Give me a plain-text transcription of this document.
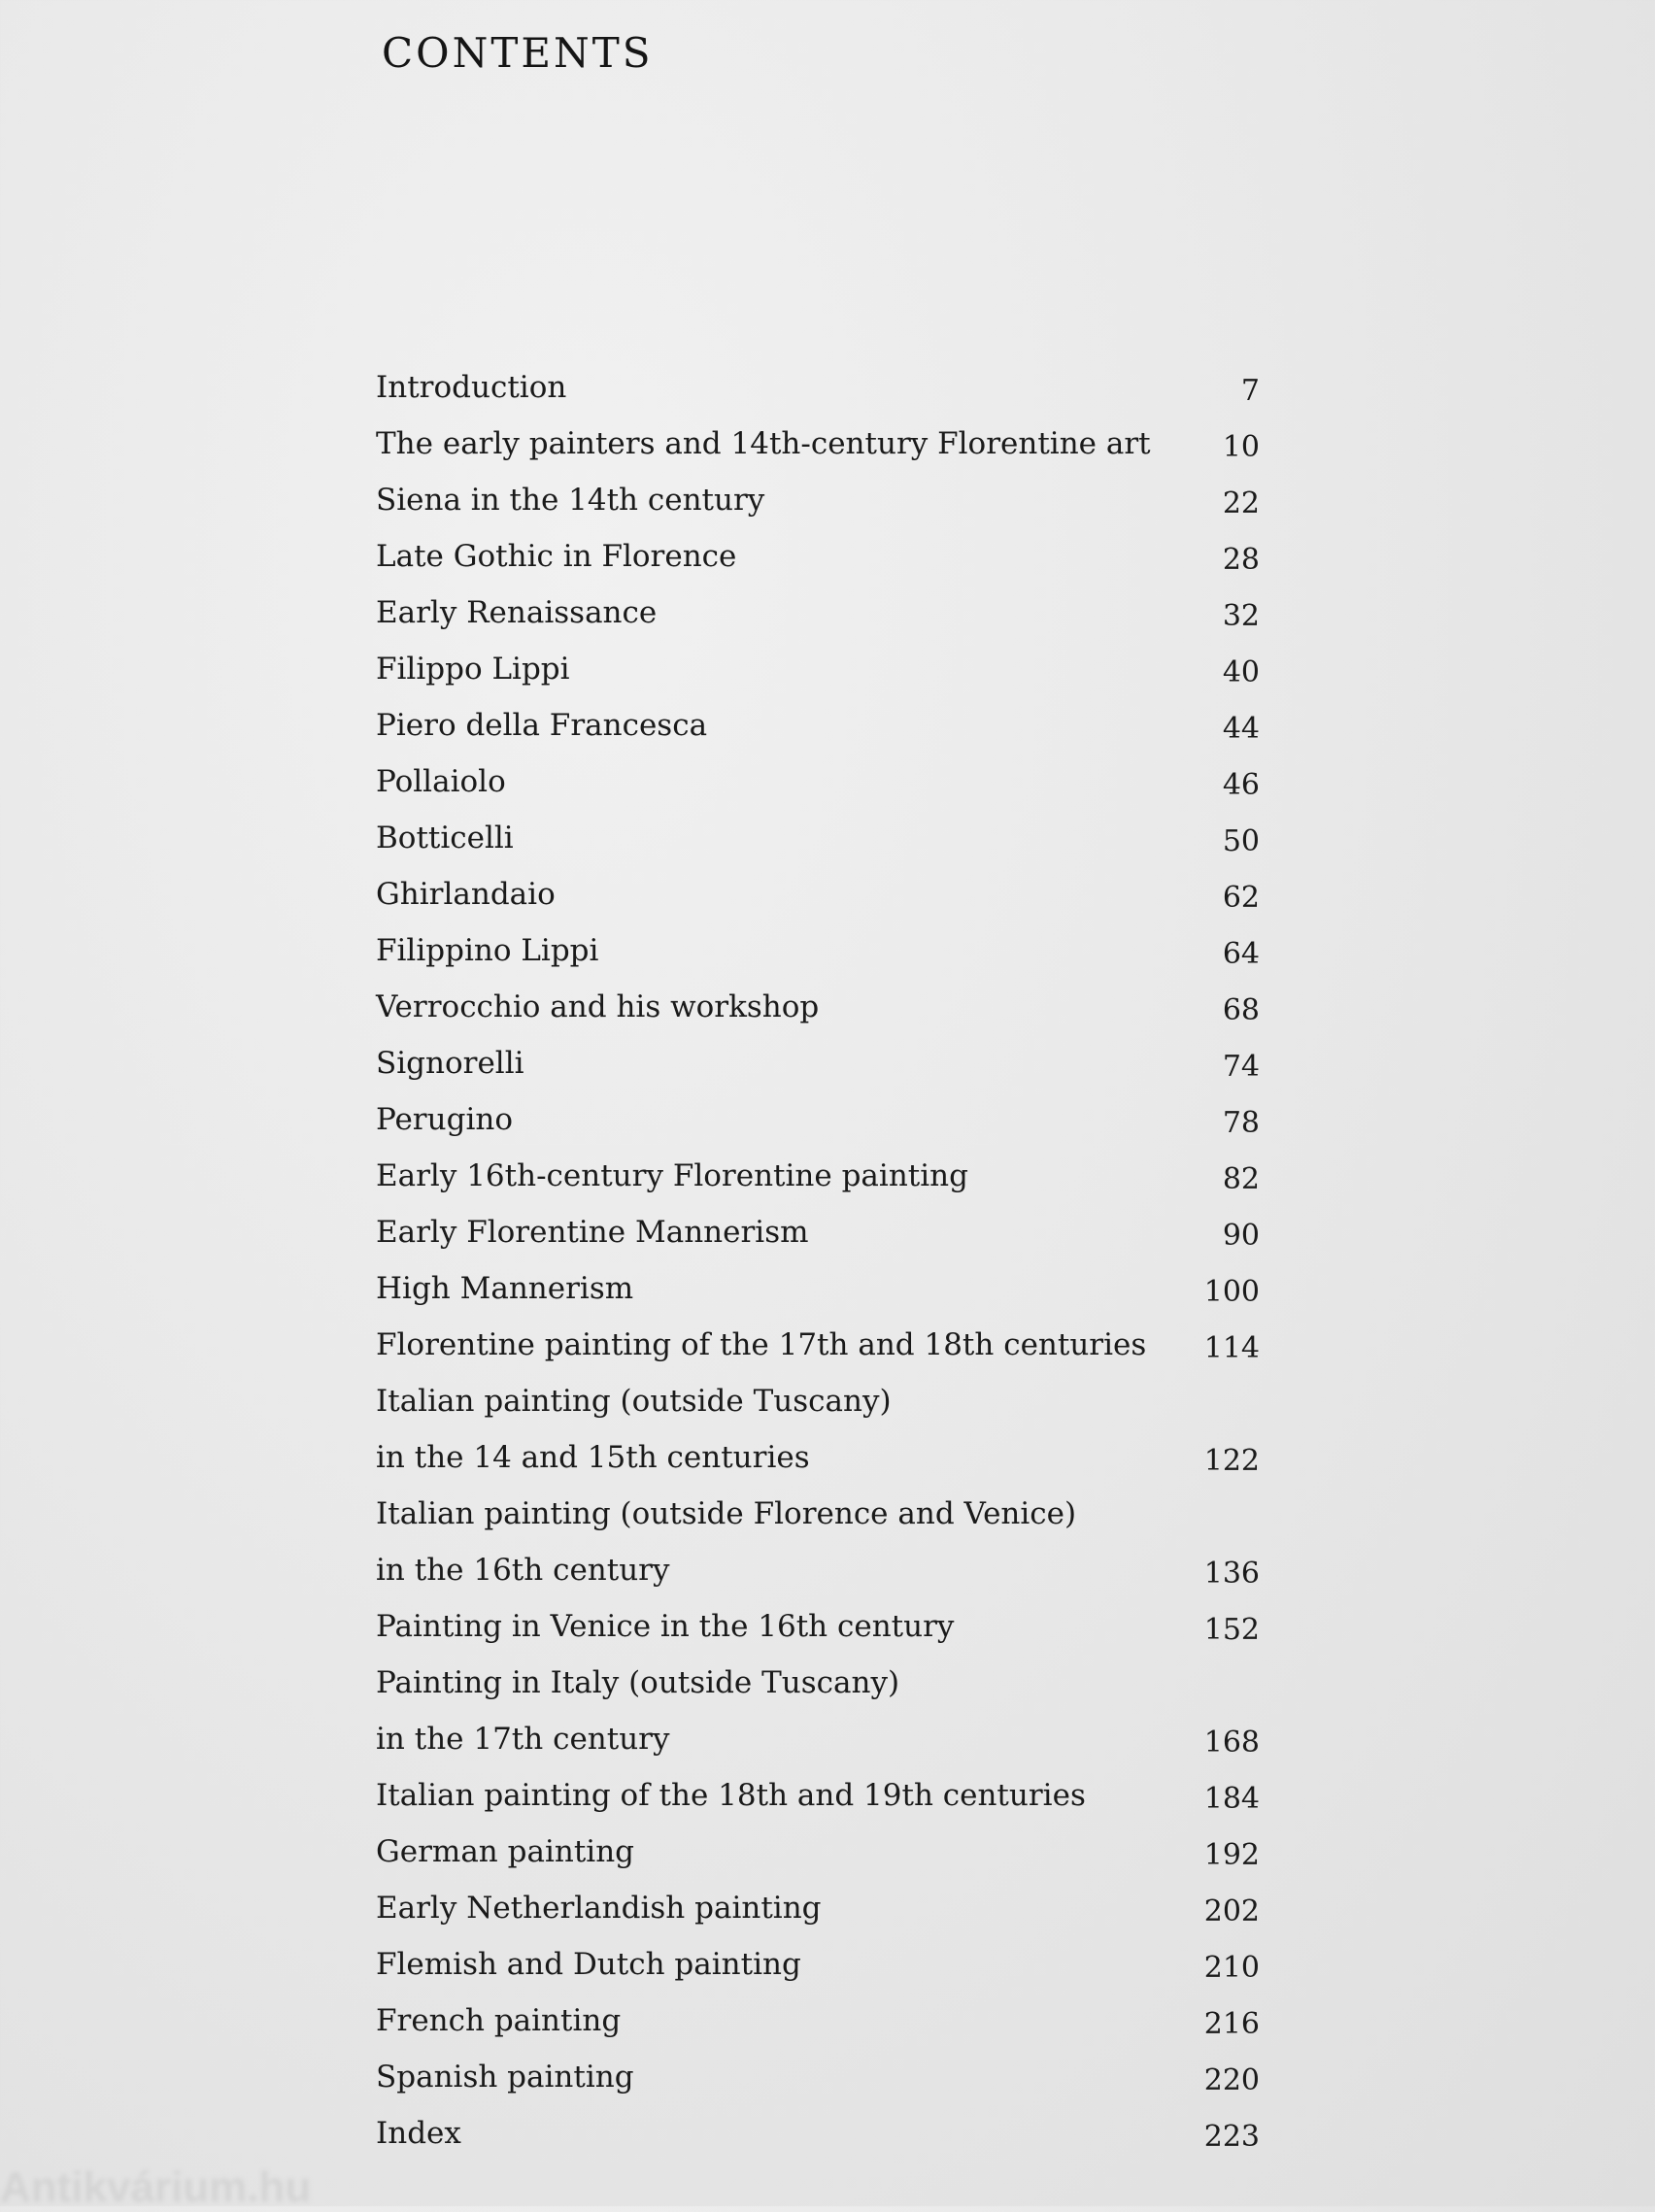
CONTENTS
Introduction	7
The early painters and 14th-century Florentine art 10
Siena in the 14th century	22
Late Gothic in Florence	28
Early Renaissance	32
Filippo Lippi	40
Piero della Francesca	44
Pollaiolo	46
Botticelli	50
Ghirlandaio	62
Filippino Lippi	64
Verrocchio and his workshop	68
Signorelli	74
Perugino	78
Early 16th-century Florentine painting	82
Early Florentine Mannerism	90
High Mannerism	100
Florentine painting of the 17th and 18th centuries 114
Italian painting (outside Tuscany)
in the 14 and 15th centuries	122
Italian painting (outside Florence and Venice)
in the 16th century	136
Painting in Venice in the 16th century	152
Painting in Italy (outside Tuscany)
in the 17th century	168
Italian painting of the 18th and 19th centuries	184
German painting	192
Early Netherlandish painting	202
Flemish and Dutch painting	210
French painting	216
Spanish painting	220
Index	223
Antikvárium.hu
